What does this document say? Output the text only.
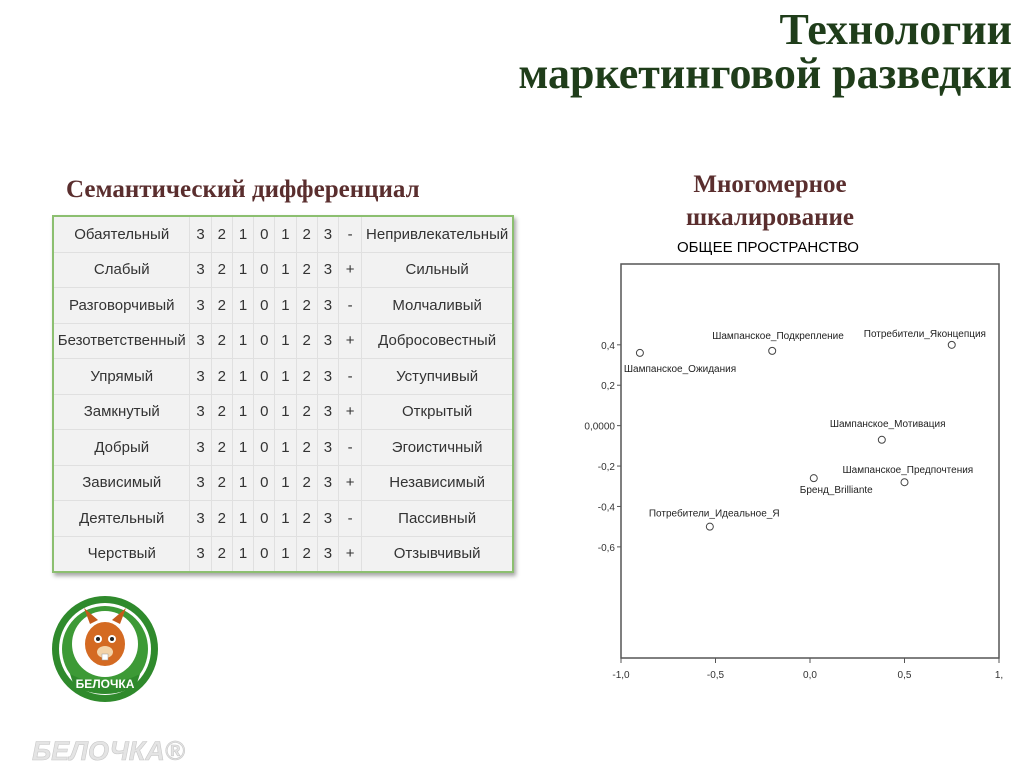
Технологии
маркетинговой разведки
Семантический дифференциал
Обаятельный	3	2	1	0	1	2	3	-	Непривлекательный
Слабый	3	2	1	0	1	2	3	+	Сильный
Разговорчивый	3	2	1	0	1	2	3	-	Молчаливый
Безответственный	3	2	1	0	1	2	3	+	Добросовестный
Упрямый	3	2	1	0	1	2	3	-	Уступчивый
Замкнутый	3	2	1	0	1	2	3	+	Открытый
Добрый	3	2	1	0	1	2	3	-	Эгоистичный
Зависимый	3	2	1	0	1	2	3	+	Независимый
Деятельный	3	2	1	0	1	2	3	-	Пассивный
Черствый	3	2	1	0	1	2	3	+	Отзывчивый
Многомерное шкалирование
ОБЩЕЕ ПРОСТРАНСТВО
0,4
0,2
0,0000
-0,2
-0,4
-0,6
-1,0	-0,5	0,0	0,5	1,
Шампанское_Ожидания
Шампанское_Подкрепление Потребители_Яконцепция
Шампанское_Мотивация
Шампанское_Предпочтения
Бренд_Brilliante
Потребители_Идеальное_Я
БЕЛОЧКА
БЕЛОЧКА®
